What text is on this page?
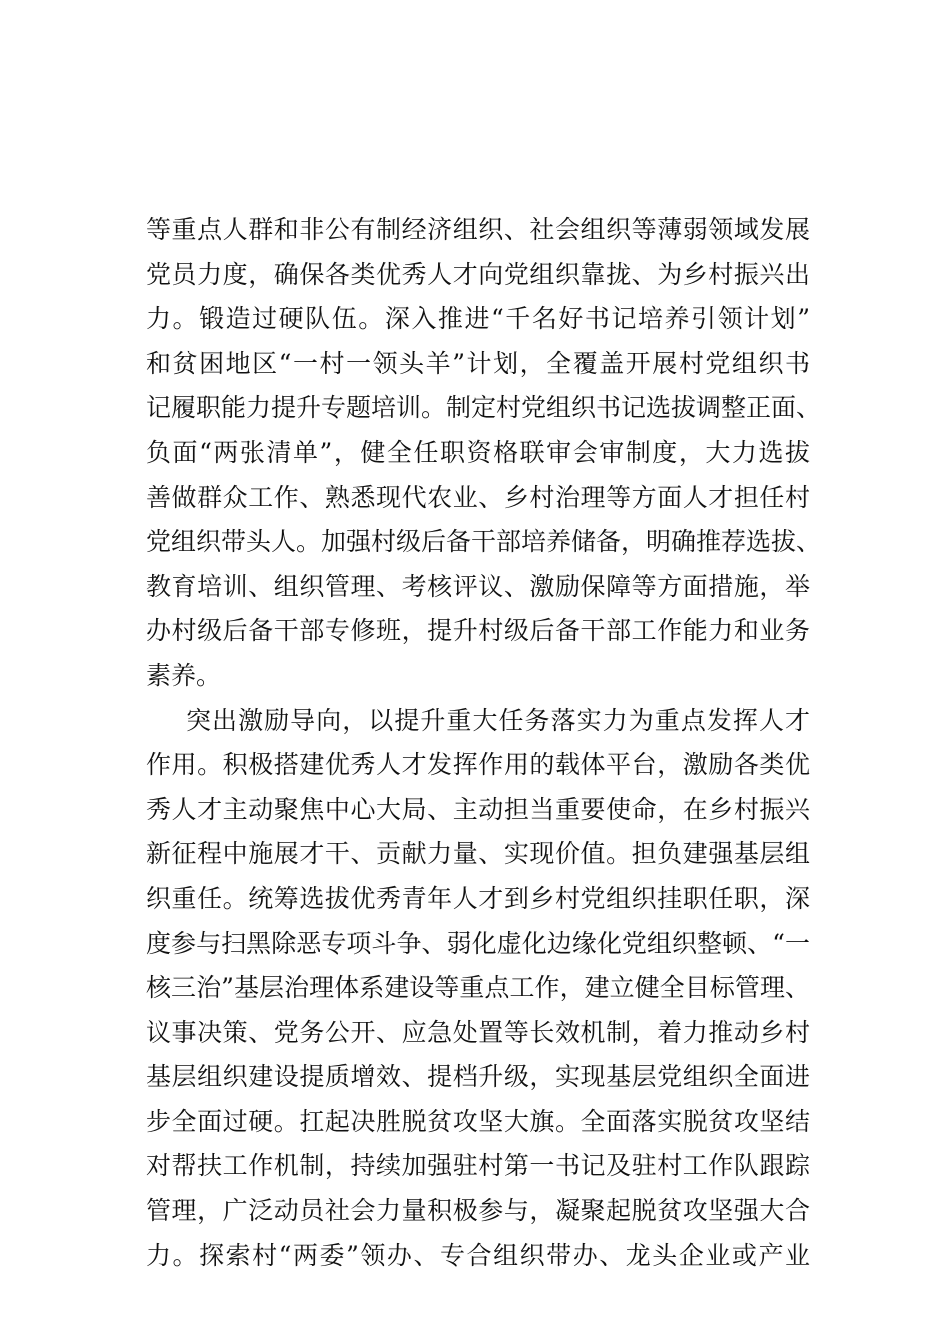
等重点人群和非公有制经济组织、社会组织等薄弱领域发展
党员力度，确保各类优秀人才向党组织靠拢、为乡村振兴出
力。锻造过硬队伍。深入推进“千名好书记培养引领计划”
和贫困地区“一村一领头羊”计划，全覆盖开展村党组织书
记履职能力提升专题培训。制定村党组织书记选拔调整正面、
负面“两张清单”，健全任职资格联审会审制度，大力选拔
善做群众工作、熟悉现代农业、乡村治理等方面人才担任村
党组织带头人。加强村级后备干部培养储备，明确推荐选拔、
教育培训、组织管理、考核评议、激励保障等方面措施，举
办村级后备干部专修班，提升村级后备干部工作能力和业务
素养。
突出激励导向，以提升重大任务落实力为重点发挥人才
作用。积极搭建优秀人才发挥作用的载体平台，激励各类优
秀人才主动聚焦中心大局、主动担当重要使命，在乡村振兴
新征程中施展才干、贡献力量、实现价值。担负建强基层组
织重任。统筹选拔优秀青年人才到乡村党组织挂职任职，深
度参与扫黑除恶专项斗争、弱化虚化边缘化党组织整顿、“一
核三治”基层治理体系建设等重点工作，建立健全目标管理、
议事决策、党务公开、应急处置等长效机制，着力推动乡村
基层组织建设提质增效、提档升级，实现基层党组织全面进
步全面过硬。扛起决胜脱贫攻坚大旗。全面落实脱贫攻坚结
对帮扶工作机制，持续加强驻村第一书记及驻村工作队跟踪
管理，广泛动员社会力量积极参与，凝聚起脱贫攻坚强大合
力。探索村“两委”领办、专合组织带办、龙头企业或产业
